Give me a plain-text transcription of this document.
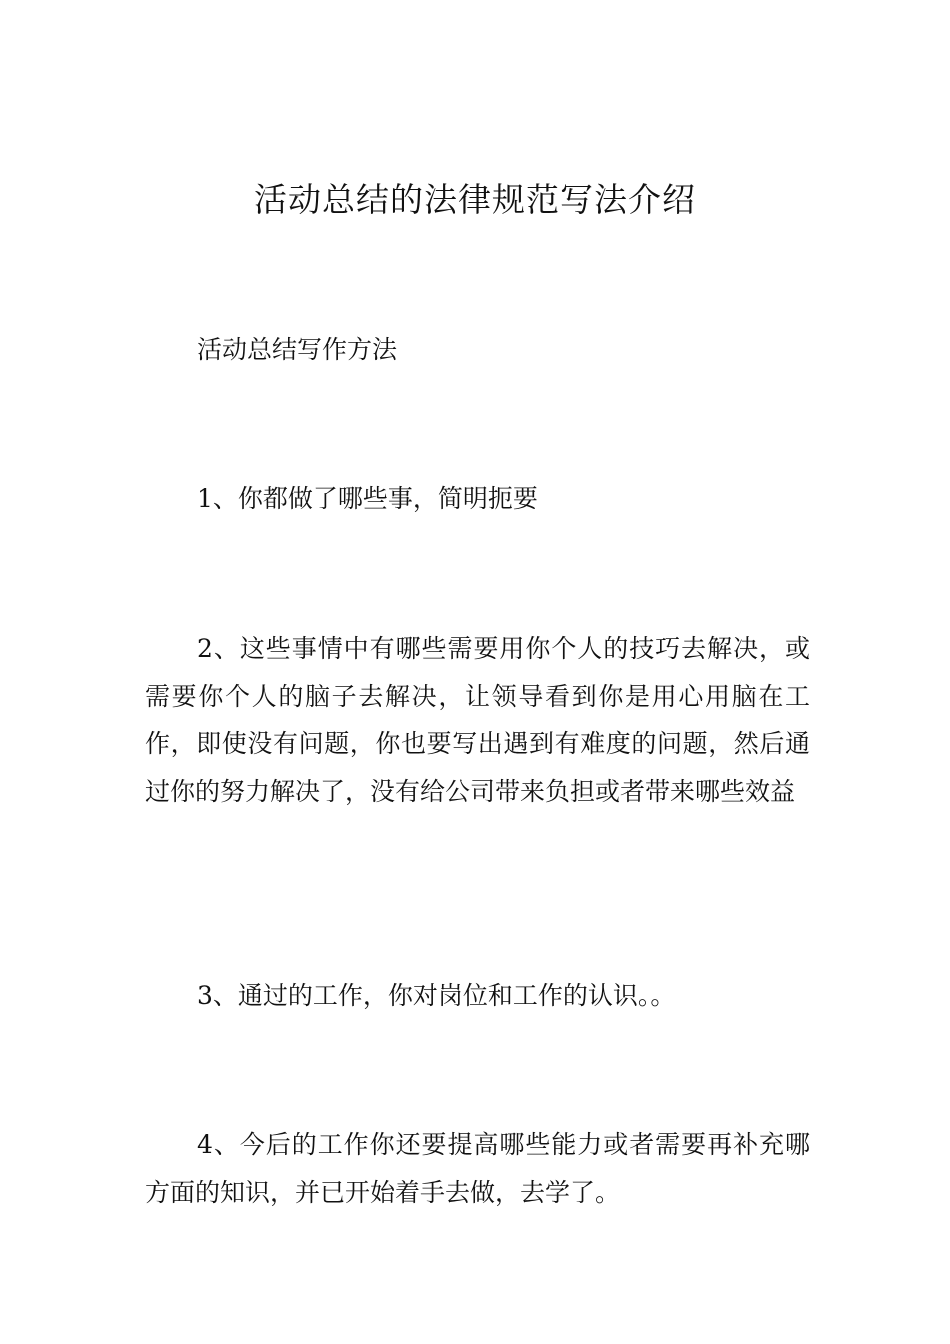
活动总结的法律规范写法介绍

活动总结写作方法

1、你都做了哪些事，简明扼要

2、这些事情中有哪些需要用你个人的技巧去解决，或需要你个人的脑子去解决，让领导看到你是用心用脑在工作，即使没有问题，你也要写出遇到有难度的问题，然后通过你的努力解决了，没有给公司带来负担或者带来哪些效益

3、通过的工作，你对岗位和工作的认识。。

4、今后的工作你还要提高哪些能力或者需要再补充哪方面的知识，并已开始着手去做，去学了。
